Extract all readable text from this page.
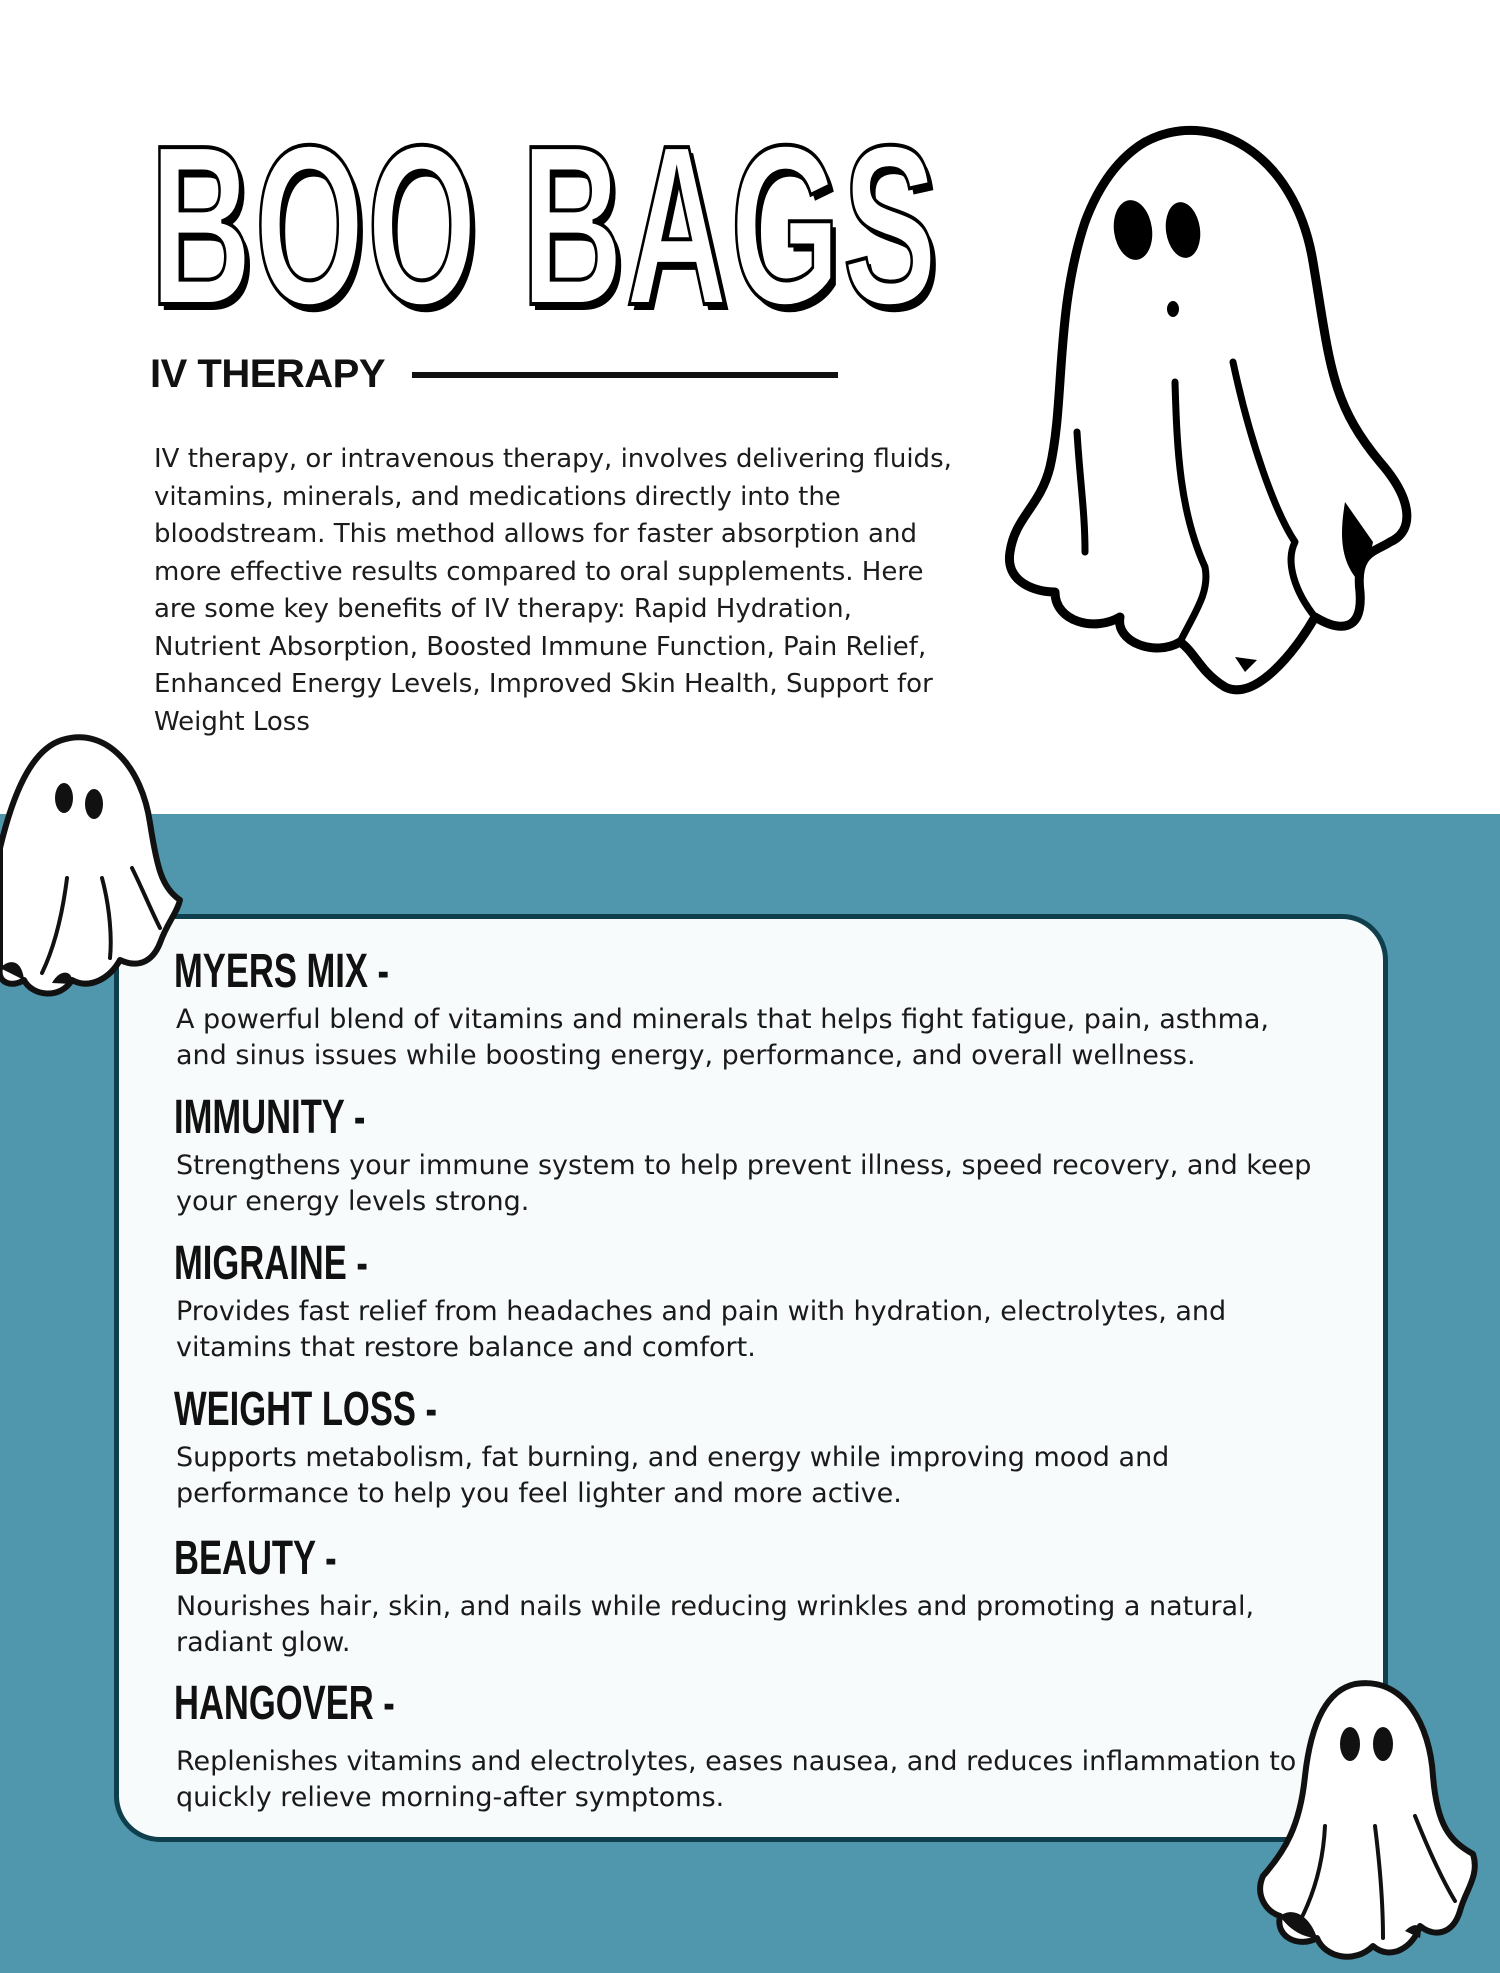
BOO BAGS
IV THERAPY

IV therapy, or intravenous therapy, involves delivering fluids, vitamins, minerals, and medications directly into the bloodstream. This method allows for faster absorption and more effective results compared to oral supplements. Here are some key benefits of IV therapy: Rapid Hydration, Nutrient Absorption, Boosted Immune Function, Pain Relief, Enhanced Energy Levels, Improved Skin Health, Support for Weight Loss

MYERS MIX -

A powerful blend of vitamins and minerals that helps fight fatigue, pain, asthma, and sinus issues while boosting energy, performance, and overall wellness.

IMMUNITY -

Strengthens your immune system to help prevent illness, speed recovery, and keep your energy levels strong.

MIGRAINE -

Provides fast relief from headaches and pain with hydration, electrolytes, and vitamins that restore balance and comfort.

WEIGHT LOSS -

Supports metabolism, fat burning, and energy while improving mood and performance to help you feel lighter and more active.

BEAUTY -

Nourishes hair, skin, and nails while reducing wrinkles and promoting a natural, radiant glow.

HANGOVER -

Replenishes vitamins and electrolytes, eases nausea, and reduces inflammation to quickly relieve morning-after symptoms.
